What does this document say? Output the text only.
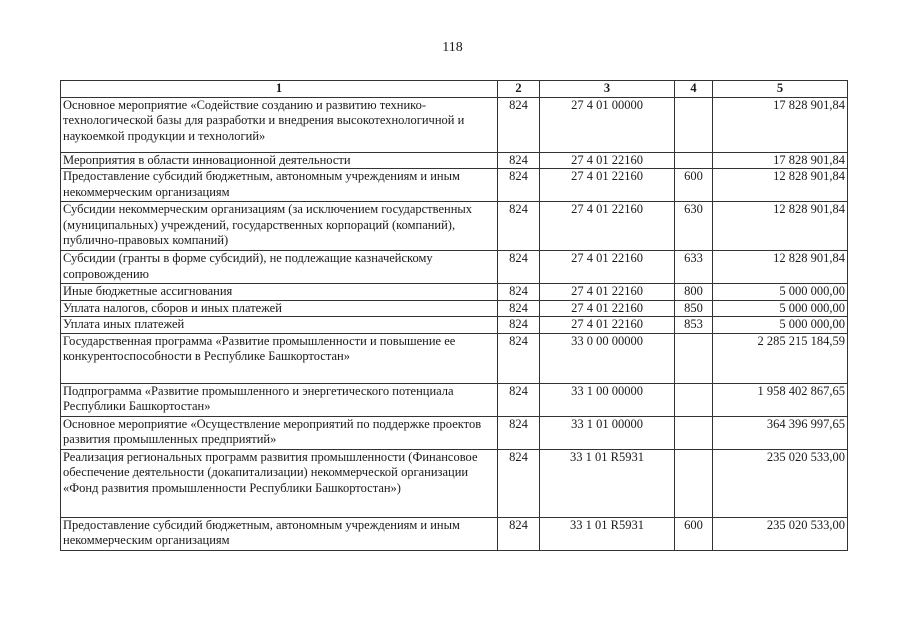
118
1	2	3	4	5
Основное мероприятие «Содействие созданию и развитию технико-технологической базы для разработки и внедрения высокотехнологичной и наукоемкой продукции и технологий»	824	27 4 01 00000		17 828 901,84
Мероприятия в области инновационной деятельности	824	27 4 01 22160		17 828 901,84
Предоставление субсидий бюджетным, автономным учреждениям и иным некоммерческим организациям	824	27 4 01 22160	600	12 828 901,84
Субсидии некоммерческим организациям (за исключением государственных (муниципальных) учреждений, государственных корпораций (компаний), публично-правовых компаний)	824	27 4 01 22160	630	12 828 901,84
Субсидии (гранты в форме субсидий), не подлежащие казначейскому сопровождению	824	27 4 01 22160	633	12 828 901,84
Иные бюджетные ассигнования	824	27 4 01 22160	800	5 000 000,00
Уплата налогов, сборов и иных платежей	824	27 4 01 22160	850	5 000 000,00
Уплата иных платежей	824	27 4 01 22160	853	5 000 000,00
Государственная программа «Развитие промышленности и повышение ее конкурентоспособности в Республике Башкортостан»	824	33 0 00 00000		2 285 215 184,59
Подпрограмма «Развитие промышленного и энергетического потенциала Республики Башкортостан»	824	33 1 00 00000		1 958 402 867,65
Основное мероприятие «Осуществление мероприятий по поддержке проектов развития промышленных предприятий»	824	33 1 01 00000		364 396 997,65
Реализация региональных программ развития промышленности (Финансовое обеспечение деятельности (докапитализации) некоммерческой организации «Фонд развития промышленности Республики Башкортостан»)	824	33 1 01 R5931		235 020 533,00
Предоставление субсидий бюджетным, автономным учреждениям и иным некоммерческим организациям	824	33 1 01 R5931	600	235 020 533,00
